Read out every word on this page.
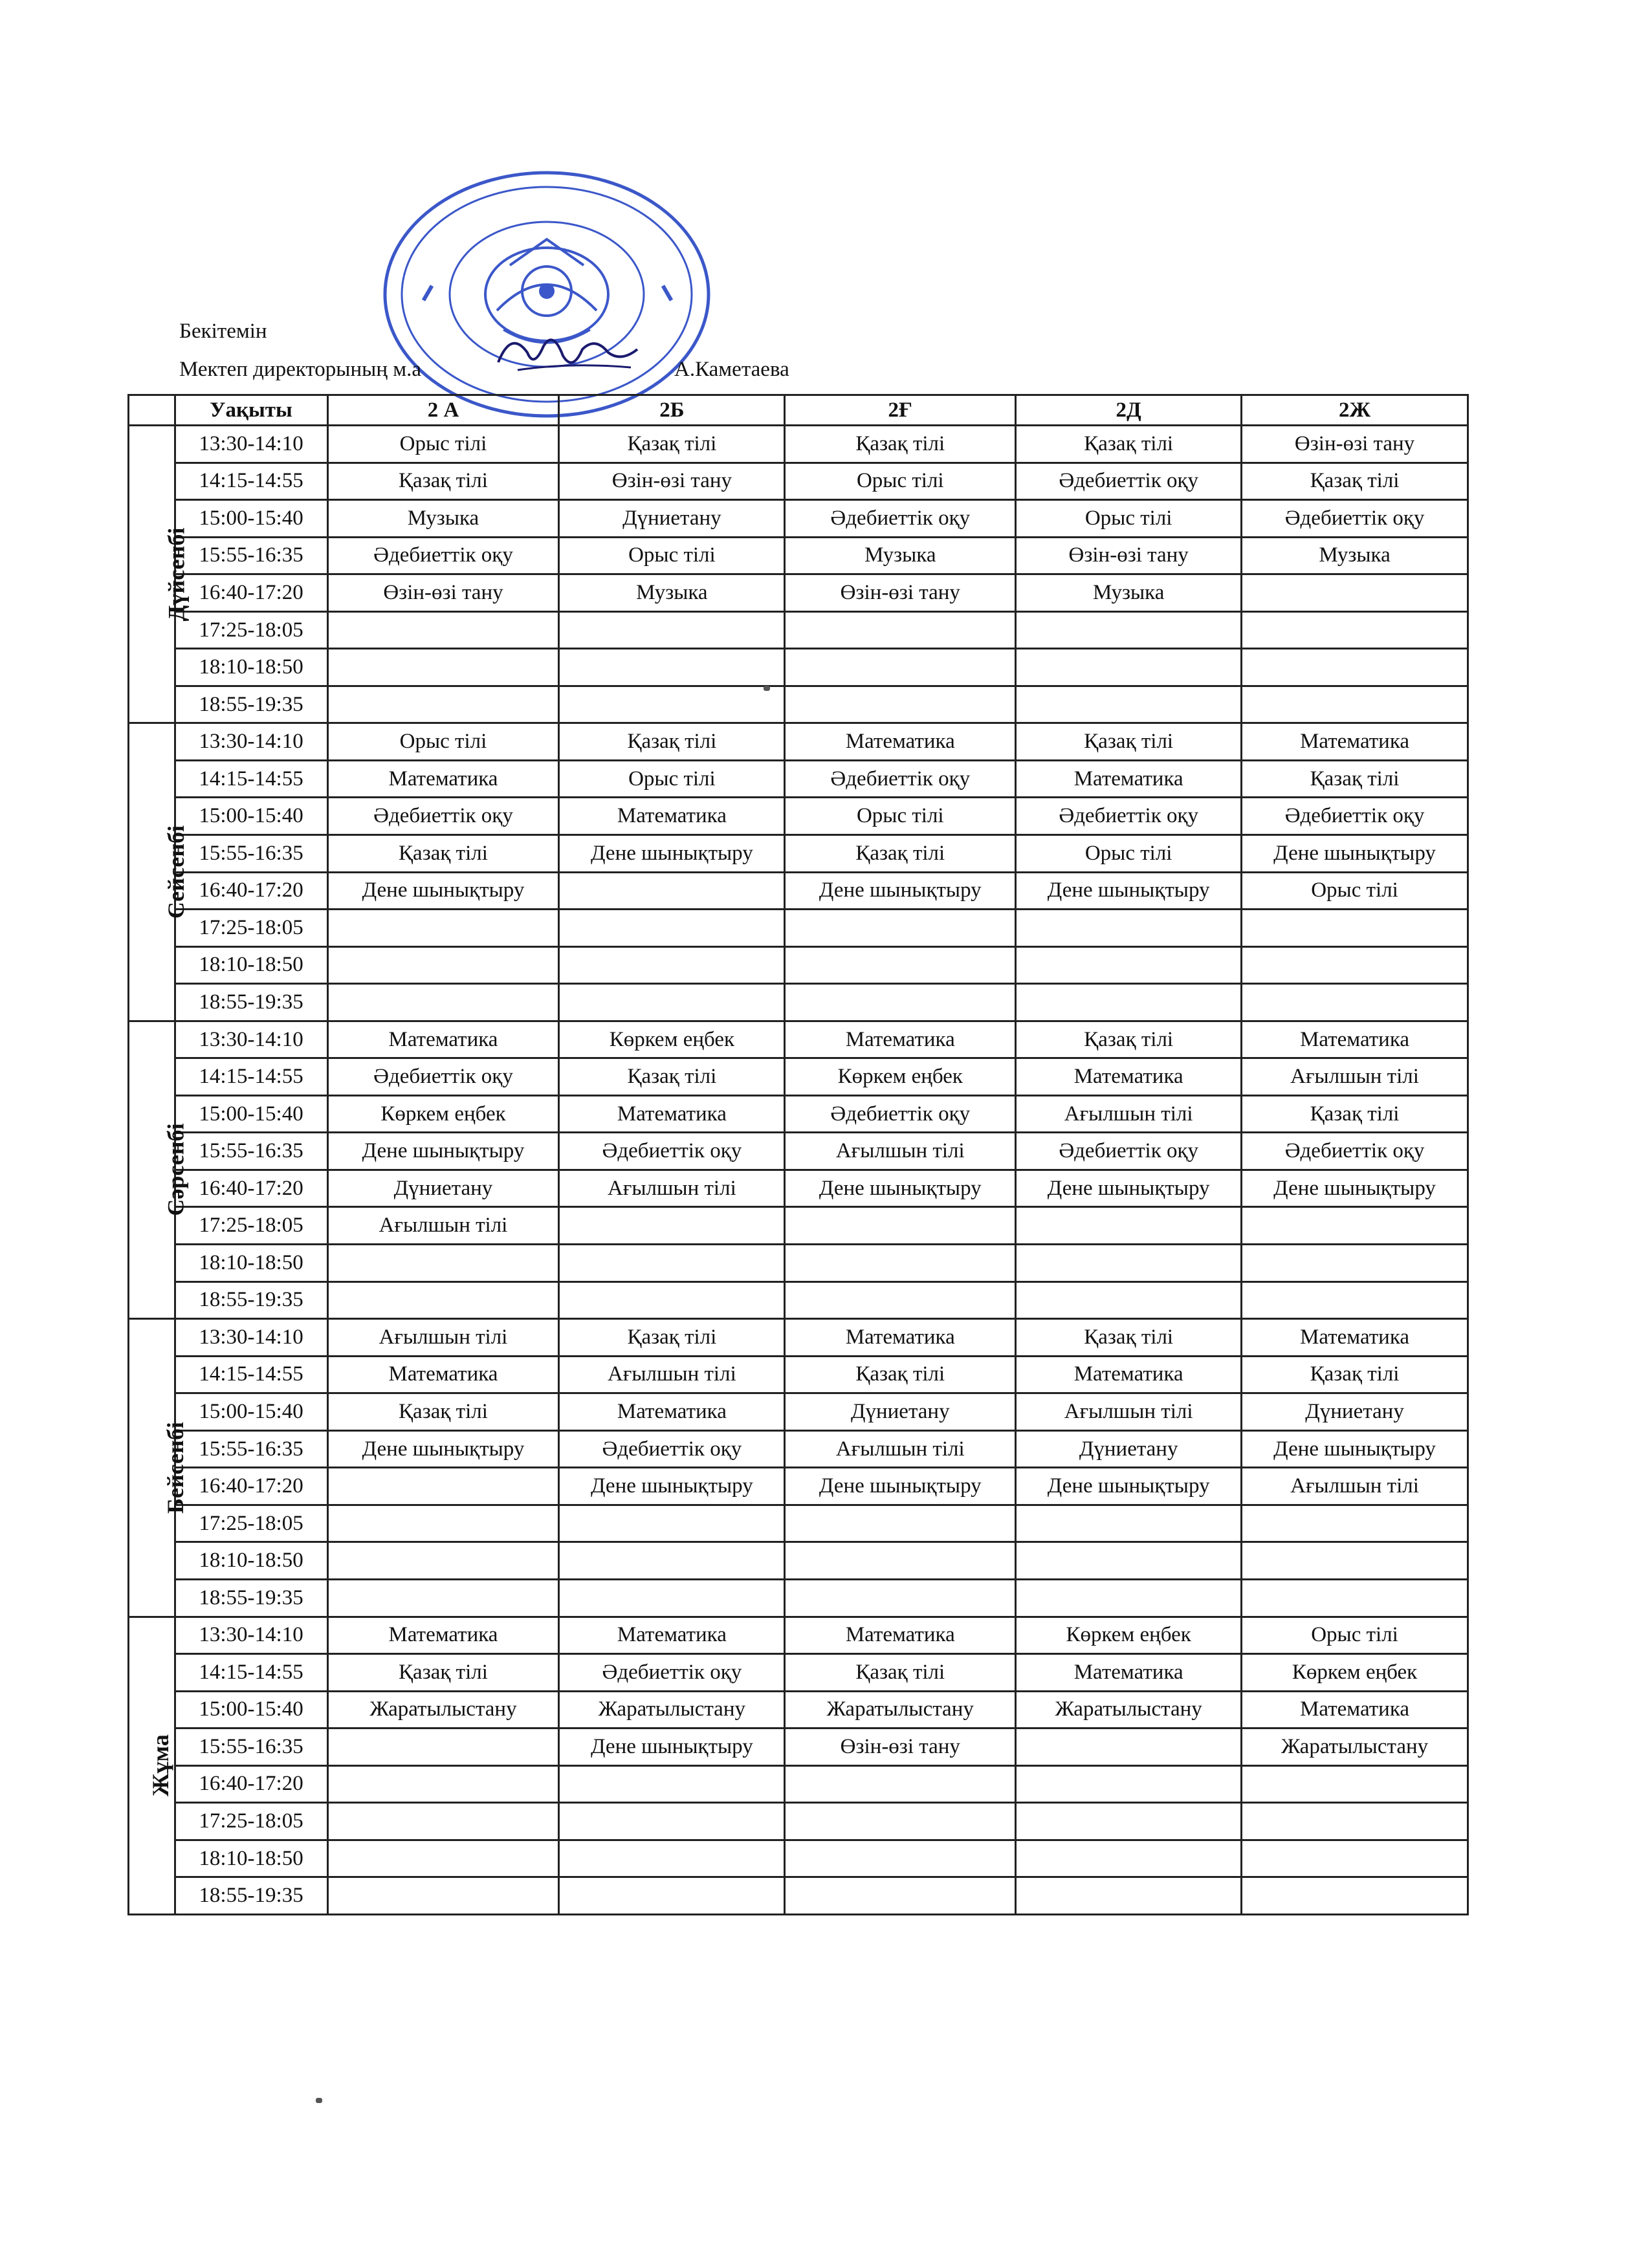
Бекітемін
Мектеп директорының м.а	А.Каметаева
	Уақыты	2 А	2Б	2Ғ	2Д	2Ж
Дүйсенбі	13:30-14:10	Орыс тілі	Қазақ тілі	Қазақ тілі	Қазақ тілі	Өзін-өзі тану
	14:15-14:55	Қазақ тілі	Өзін-өзі тану	Орыс тілі	Әдебиеттік оқу	Қазақ тілі
	15:00-15:40	Музыка	Дүниетану	Әдебиеттік оқу	Орыс тілі	Әдебиеттік оқу
	15:55-16:35	Әдебиеттік оқу	Орыс тілі	Музыка	Өзін-өзі тану	Музыка
	16:40-17:20	Өзін-өзі тану	Музыка	Өзін-өзі тану	Музыка	
	17:25-18:05					
	18:10-18:50					
	18:55-19:35					
Сейсенбі	13:30-14:10	Орыс тілі	Қазақ тілі	Математика	Қазақ тілі	Математика
	14:15-14:55	Математика	Орыс тілі	Әдебиеттік оқу	Математика	Қазақ тілі
	15:00-15:40	Әдебиеттік оқу	Математика	Орыс тілі	Әдебиеттік оқу	Әдебиеттік оқу
	15:55-16:35	Қазақ тілі	Дене шынықтыру	Қазақ тілі	Орыс тілі	Дене шынықтыру
	16:40-17:20	Дене шынықтыру		Дене шынықтыру	Дене шынықтыру	Орыс тілі
	17:25-18:05					
	18:10-18:50					
	18:55-19:35					
Сәрсенбі	13:30-14:10	Математика	Көркем еңбек	Математика	Қазақ тілі	Математика
	14:15-14:55	Әдебиеттік оқу	Қазақ тілі	Көркем еңбек	Математика	Ағылшын тілі
	15:00-15:40	Көркем еңбек	Математика	Әдебиеттік оқу	Ағылшын тілі	Қазақ тілі
	15:55-16:35	Дене шынықтыру	Әдебиеттік оқу	Ағылшын тілі	Әдебиеттік оқу	Әдебиеттік оқу
	16:40-17:20	Дүниетану	Ағылшын тілі	Дене шынықтыру	Дене шынықтыру	Дене шынықтыру
	17:25-18:05	Ағылшын тілі				
	18:10-18:50					
	18:55-19:35					
Бейсенбі	13:30-14:10	Ағылшын тілі	Қазақ тілі	Математика	Қазақ тілі	Математика
	14:15-14:55	Математика	Ағылшын тілі	Қазақ тілі	Математика	Қазақ тілі
	15:00-15:40	Қазақ тілі	Математика	Дүниетану	Ағылшын тілі	Дүниетану
	15:55-16:35	Дене шынықтыру	Әдебиеттік оқу	Ағылшын тілі	Дүниетану	Дене шынықтыру
	16:40-17:20		Дене шынықтыру	Дене шынықтыру	Дене шынықтыру	Ағылшын тілі
	17:25-18:05					
	18:10-18:50					
	18:55-19:35					
Жұма	13:30-14:10	Математика	Математика	Математика	Көркем еңбек	Орыс тілі
	14:15-14:55	Қазақ тілі	Әдебиеттік оқу	Қазақ тілі	Математика	Көркем еңбек
	15:00-15:40	Жаратылыстану	Жаратылыстану	Жаратылыстану	Жаратылыстану	Математика
	15:55-16:35		Дене шынықтыру	Өзін-өзі тану		Жаратылыстану
	16:40-17:20					
	17:25-18:05					
	18:10-18:50					
	18:55-19:35					
